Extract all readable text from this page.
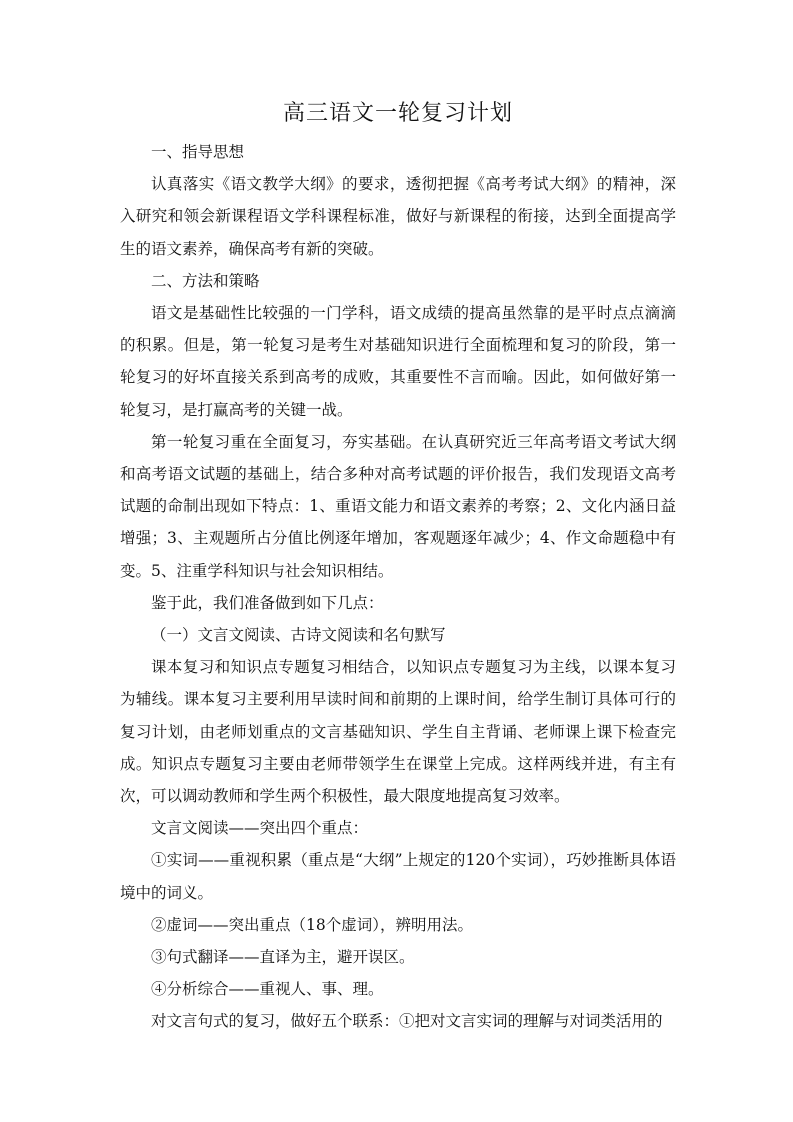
高三语文一轮复习计划

一、指导思想

认真落实《语文教学大纲》的要求，透彻把握《高考考试大纲》的精神，深入研究和领会新课程语文学科课程标准，做好与新课程的衔接，达到全面提高学生的语文素养，确保高考有新的突破。

二、方法和策略

语文是基础性比较强的一门学科，语文成绩的提高虽然靠的是平时点点滴滴的积累。但是，第一轮复习是考生对基础知识进行全面梳理和复习的阶段，第一轮复习的好坏直接关系到高考的成败，其重要性不言而喻。因此，如何做好第一轮复习，是打赢高考的关键一战。

第一轮复习重在全面复习，夯实基础。在认真研究近三年高考语文考试大纲和高考语文试题的基础上，结合多种对高考试题的评价报告，我们发现语文高考试题的命制出现如下特点：1、重语文能力和语文素养的考察；2、文化内涵日益增强；3、主观题所占分值比例逐年增加，客观题逐年减少；4、作文命题稳中有变。5、注重学科知识与社会知识相结。

鉴于此，我们准备做到如下几点：

（一）文言文阅读、古诗文阅读和名句默写

课本复习和知识点专题复习相结合，以知识点专题复习为主线，以课本复习为辅线。课本复习主要利用早读时间和前期的上课时间，给学生制订具体可行的复习计划，由老师划重点的文言基础知识、学生自主背诵、老师课上课下检查完成。知识点专题复习主要由老师带领学生在课堂上完成。这样两线并进，有主有次，可以调动教师和学生两个积极性，最大限度地提高复习效率。

文言文阅读——突出四个重点：

①实词——重视积累（重点是“大纲”上规定的120个实词），巧妙推断具体语境中的词义。

②虚词——突出重点（18个虚词），辨明用法。

③句式翻译——直译为主，避开误区。

④分析综合——重视人、事、理。

对文言句式的复习，做好五个联系：①把对文言实词的理解与对词类活用的
